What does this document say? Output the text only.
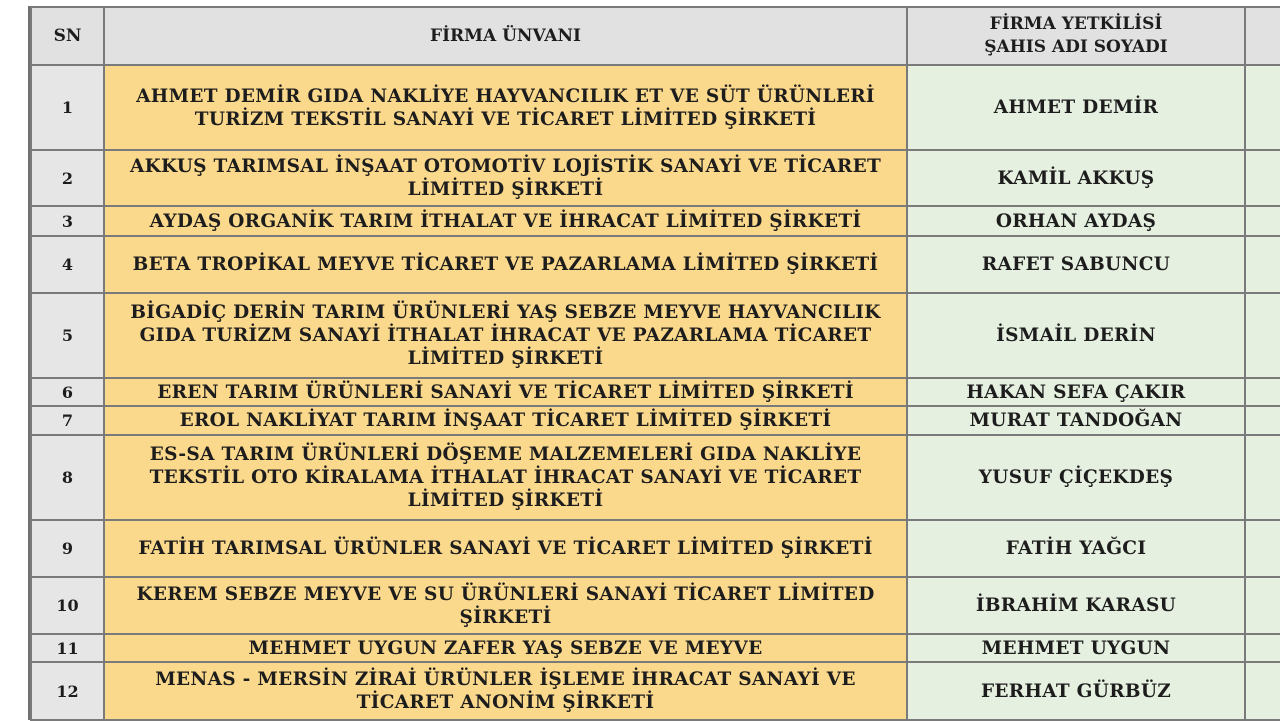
SN	FİRMA ÜNVANI	FİRMA YETKİLİSİ
ŞAHIS ADI SOYADI	

1	AHMET DEMİR GIDA NAKLİYE HAYVANCILIK ET VE SÜT ÜRÜNLERİ
TURİZM TEKSTİL SANAYİ VE TİCARET LİMİTED ŞİRKETİ	AHMET DEMİR	
2	AKKUŞ TARIMSAL İNŞAAT OTOMOTİV LOJİSTİK SANAYİ VE TİCARET
LİMİTED ŞİRKETİ	KAMİL AKKUŞ	
3	AYDAŞ ORGANİK TARIM İTHALAT VE İHRACAT LİMİTED ŞİRKETİ	ORHAN AYDAŞ	
4	BETA TROPİKAL MEYVE TİCARET VE PAZARLAMA LİMİTED ŞİRKETİ	RAFET SABUNCU	
5	BİGADİÇ DERİN TARIM ÜRÜNLERİ YAŞ SEBZE MEYVE HAYVANCILIK
GIDA TURİZM SANAYİ İTHALAT İHRACAT VE PAZARLAMA TİCARET
LİMİTED ŞİRKETİ	İSMAİL DERİN	
6	EREN TARIM ÜRÜNLERİ SANAYİ VE TİCARET LİMİTED ŞİRKETİ	HAKAN SEFA ÇAKIR	
7	EROL NAKLİYAT TARIM İNŞAAT TİCARET LİMİTED ŞİRKETİ	MURAT TANDOĞAN	
8	ES-SA TARIM ÜRÜNLERİ DÖŞEME MALZEMELERİ GIDA NAKLİYE
TEKSTİL OTO KİRALAMA İTHALAT İHRACAT SANAYİ VE TİCARET
LİMİTED ŞİRKETİ	YUSUF ÇİÇEKDEŞ	
9	FATİH TARIMSAL ÜRÜNLER SANAYİ VE TİCARET LİMİTED ŞİRKETİ	FATİH YAĞCI	
10	KEREM SEBZE MEYVE VE SU ÜRÜNLERİ SANAYİ TİCARET LİMİTED
ŞİRKETİ	İBRAHİM KARASU	
11	MEHMET UYGUN ZAFER YAŞ SEBZE VE MEYVE	MEHMET UYGUN	
12	MENAS - MERSİN ZİRAİ ÜRÜNLER İŞLEME İHRACAT SANAYİ VE
TİCARET ANONİM ŞİRKETİ	FERHAT GÜRBÜZ	
